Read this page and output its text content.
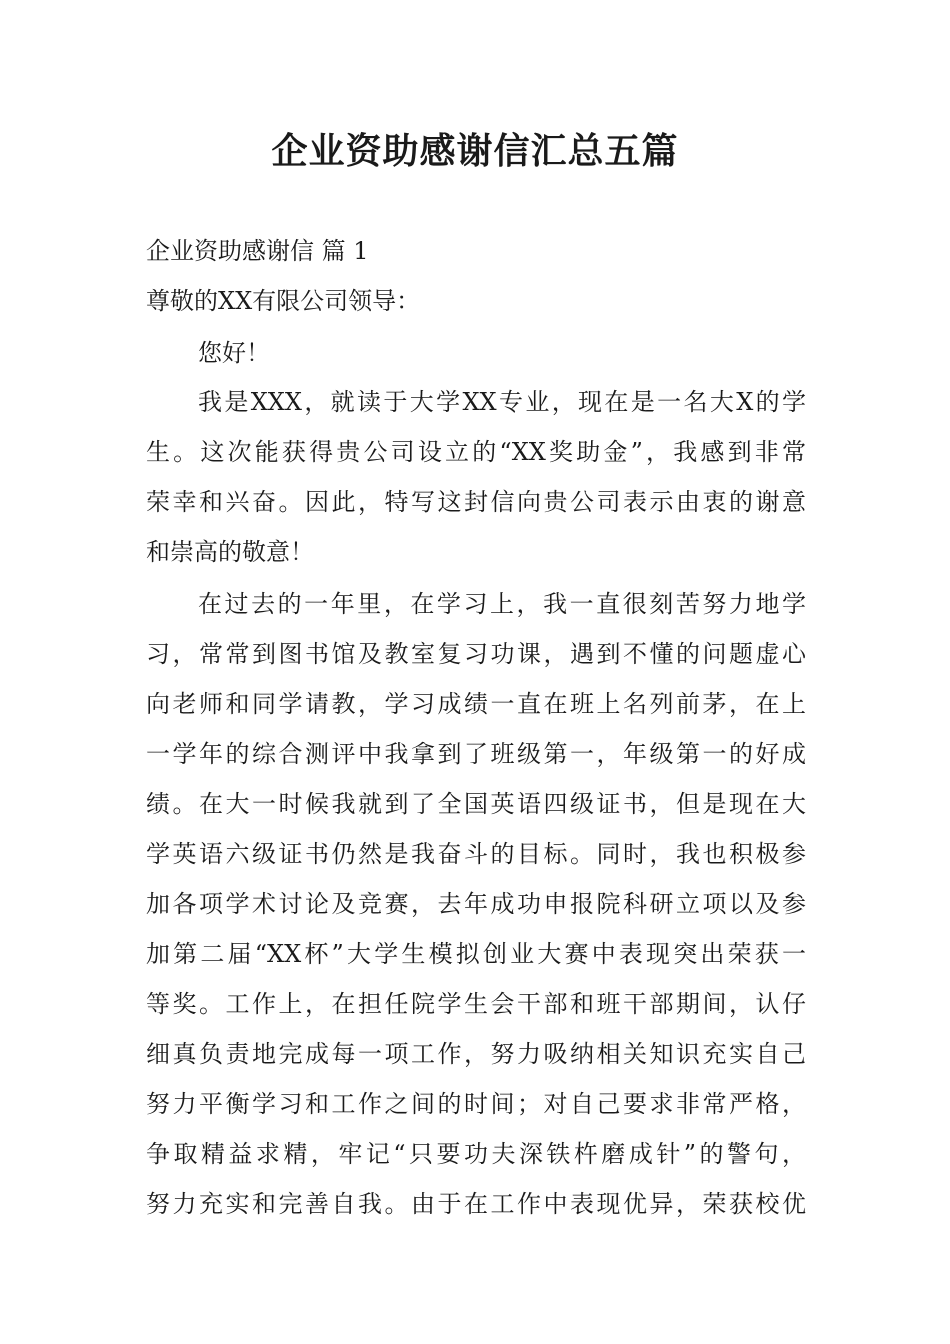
企业资助感谢信汇总五篇
企业资助感谢信 篇 1
尊敬的XX有限公司领导：
您好！
我是XXX，就读于大学XX专业，现在是一名大X的学
生。这次能获得贵公司设立的“XX奖助金”，我感到非常
荣幸和兴奋。因此，特写这封信向贵公司表示由衷的谢意
和崇高的敬意！
在过去的一年里，在学习上，我一直很刻苦努力地学
习，常常到图书馆及教室复习功课，遇到不懂的问题虚心
向老师和同学请教，学习成绩一直在班上名列前茅，在上
一学年的综合测评中我拿到了班级第一，年级第一的好成
绩。在大一时候我就到了全国英语四级证书，但是现在大
学英语六级证书仍然是我奋斗的目标。同时，我也积极参
加各项学术讨论及竞赛，去年成功申报院科研立项以及参
加第二届“XX杯”大学生模拟创业大赛中表现突出荣获一
等奖。工作上，在担任院学生会干部和班干部期间，认仔
细真负责地完成每一项工作，努力吸纳相关知识充实自己
努力平衡学习和工作之间的时间；对自己要求非常严格，
争取精益求精，牢记“只要功夫深铁杵磨成针”的警句，
努力充实和完善自我。由于在工作中表现优异，荣获校优
